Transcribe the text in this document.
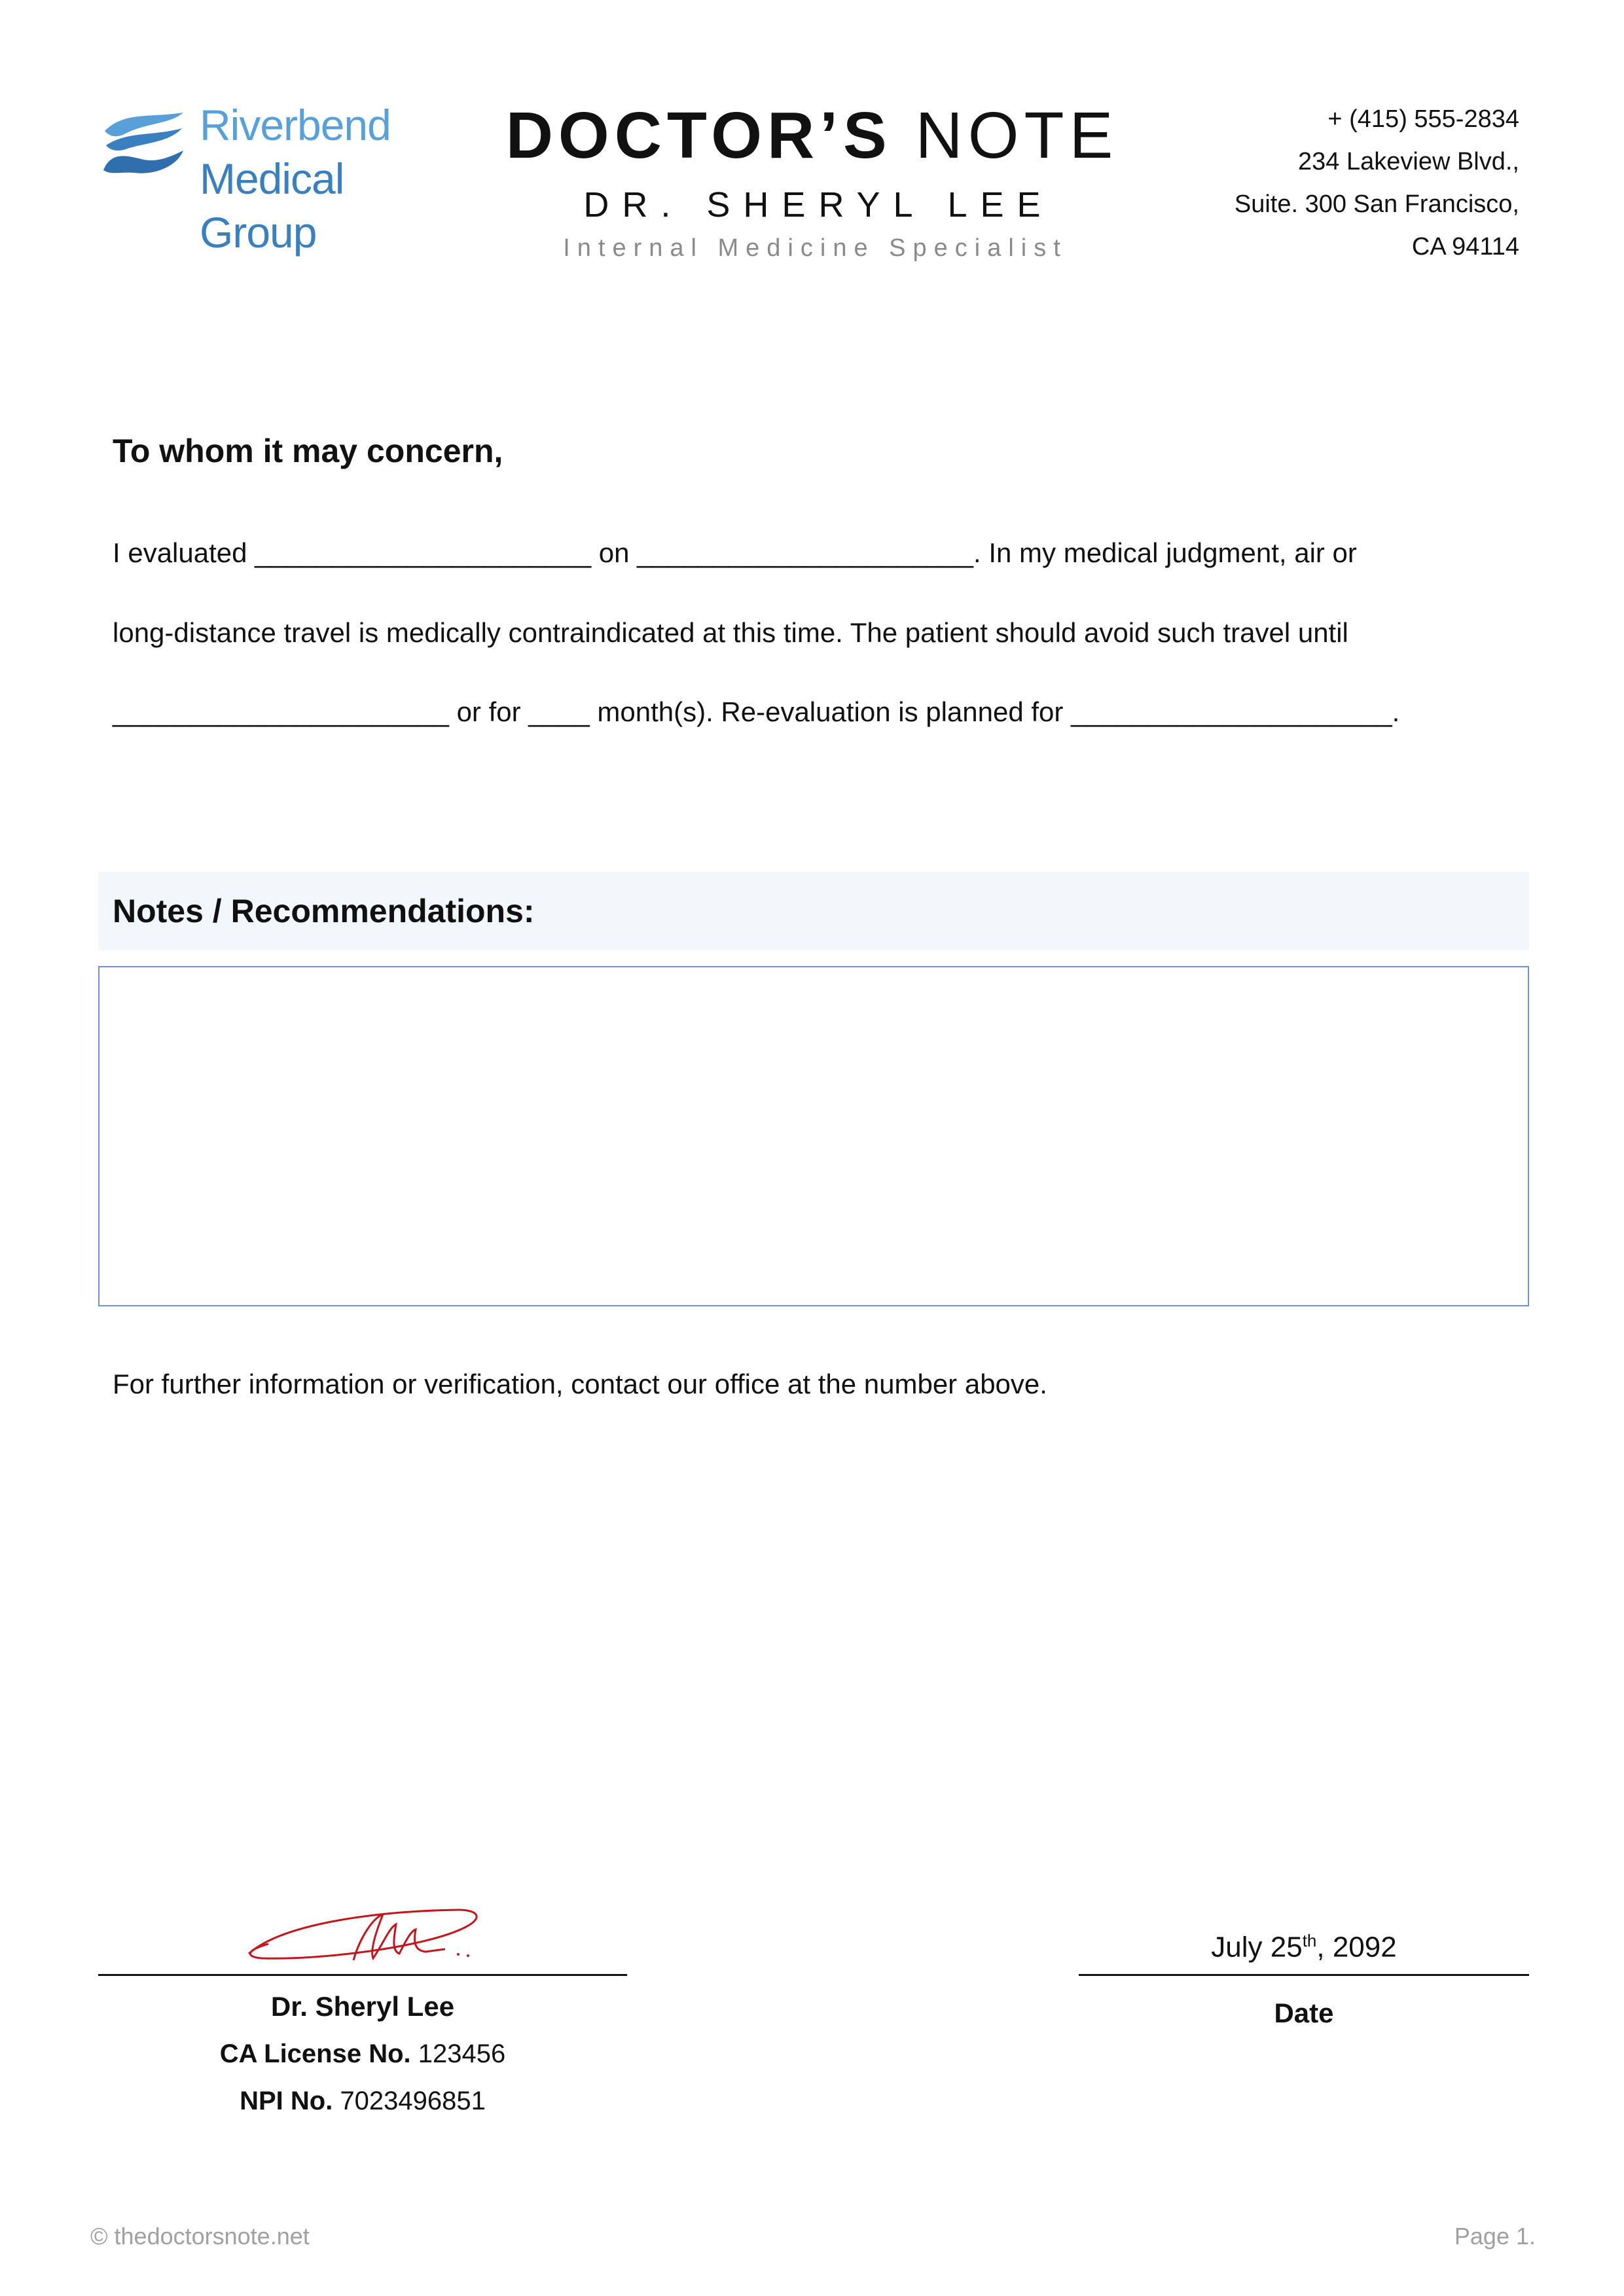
Riverbend
Medical
Group
DOCTOR’S NOTE
DR. SHERYL LEE
Internal Medicine Specialist
+ (415) 555-2834
234 Lakeview Blvd.,
Suite. 300 San Francisco,
CA 94114
To whom it may concern,
I evaluated ______________________ on ______________________. In my medical judgment, air or
long-distance travel is medically contraindicated at this time. The patient should avoid such travel until
______________________ or for ____ month(s). Re-evaluation is planned for _____________________.
Notes / Recommendations:
For further information or verification, contact our office at the number above.
Dr. Sheryl Lee
CA License No. 123456
NPI No. 7023496851
July 25th, 2092
Date
© thedoctorsnote.net	Page 1.
